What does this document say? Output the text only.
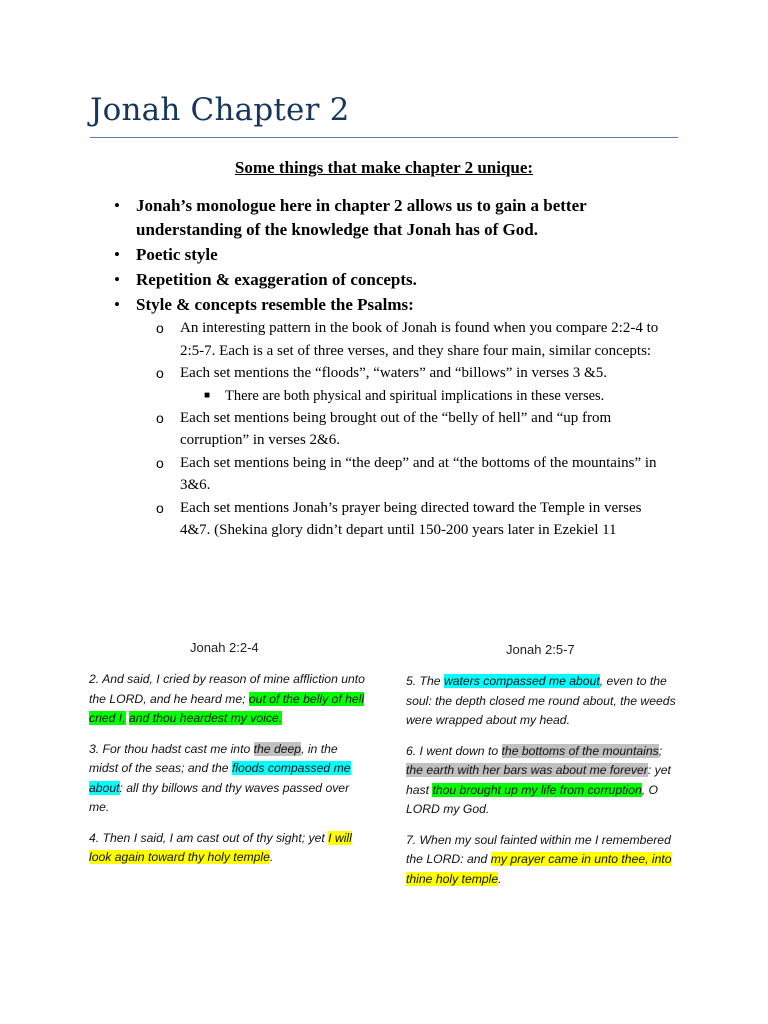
Jonah Chapter 2
Some things that make chapter 2 unique:
• Jonah’s monologue here in chapter 2 allows us to gain a better understanding of the knowledge that Jonah has of God.
• Poetic style
• Repetition & exaggeration of concepts.
• Style & concepts resemble the Psalms:
o An interesting pattern in the book of Jonah is found when you compare 2:2-4 to 2:5-7. Each is a set of three verses, and they share four main, similar concepts:
o Each set mentions the “floods”, “waters” and “billows” in verses 3 &5.
■ There are both physical and spiritual implications in these verses.
o Each set mentions being brought out of the “belly of hell” and “up from corruption” in verses 2&6.
o Each set mentions being in “the deep” and at “the bottoms of the mountains” in 3&6.
o Each set mentions Jonah’s prayer being directed toward the Temple in verses 4&7. (Shekina glory didn’t depart until 150-200 years later in Ezekiel 11
Jonah 2:2-4	Jonah 2:5-7

2. And said, I cried by reason of mine affliction unto the LORD, and he heard me; out of the belly of hell cried I, and thou heardest my voice.

3. For thou hadst cast me into the deep, in the midst of the seas; and the floods compassed me about: all thy billows and thy waves passed over me.

4. Then I said, I am cast out of thy sight; yet I will look again toward thy holy temple.

5. The waters compassed me about, even to the soul: the depth closed me round about, the weeds were wrapped about my head.

6. I went down to the bottoms of the mountains; the earth with her bars was about me forever: yet hast thou brought up my life from corruption, O LORD my God.

7. When my soul fainted within me I remembered the LORD: and my prayer came in unto thee, into thine holy temple.
